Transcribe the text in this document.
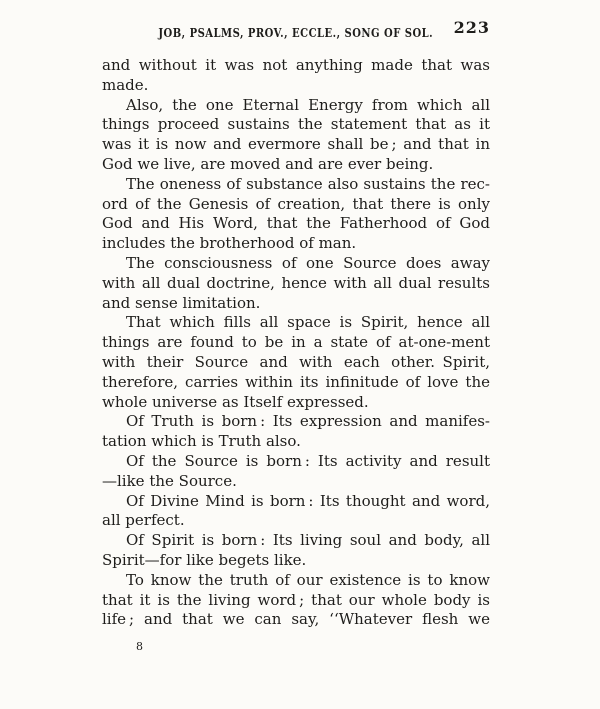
JOB, PSALMS, PROV., ECCLE., SONG OF SOL. 223
and without it was not anything made that was
made.
Also, the one Eternal Energy from which all
things proceed sustains the statement that as it
was it is now and evermore shall be ; and that in
God we live, are moved and are ever being.
The oneness of substance also sustains the rec-
ord of the Genesis of creation, that there is only
God and His Word, that the Fatherhood of God
includes the brotherhood of man.
The consciousness of one Source does away
with all dual doctrine, hence with all dual results
and sense limitation.
That which fills all space is Spirit, hence all
things are found to be in a state of at-one-ment
with their Source and with each other. Spirit,
therefore, carries within its infinitude of love the
whole universe as Itself expressed.
Of Truth is born : Its expression and manifes-
tation which is Truth also.
Of the Source is born : Its activity and result
—like the Source.
Of Divine Mind is born : Its thought and word,
all perfect.
Of Spirit is born : Its living soul and body, all
Spirit—for like begets like.
To know the truth of our existence is to know
that it is the living word ; that our whole body is
life ; and that we can say, ‘‘Whatever flesh we
8
